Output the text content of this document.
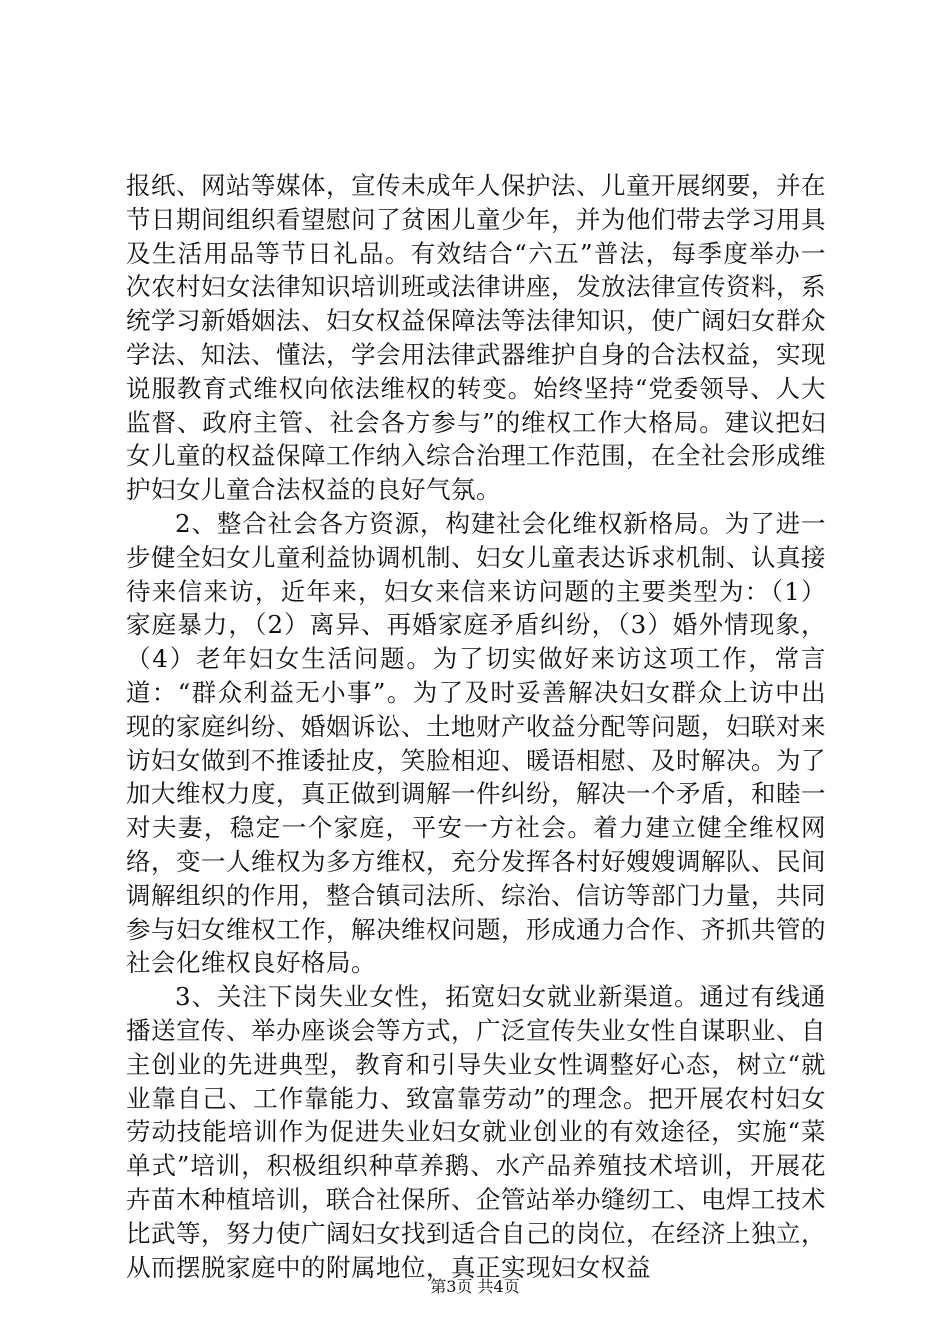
报纸、网站等媒体，宣传未成年人保护法、儿童开展纲要，并在节日期间组织看望慰问了贫困儿童少年，并为他们带去学习用具及生活用品等节日礼品。有效结合“六五”普法，每季度举办一次农村妇女法律知识培训班或法律讲座，发放法律宣传资料，系统学习新婚姻法、妇女权益保障法等法律知识，使广阔妇女群众学法、知法、懂法，学会用法律武器维护自身的合法权益，实现说服教育式维权向依法维权的转变。始终坚持“党委领导、人大监督、政府主管、社会各方参与”的维权工作大格局。建议把妇女儿童的权益保障工作纳入综合治理工作范围，在全社会形成维护妇女儿童合法权益的良好气氛。

2、整合社会各方资源，构建社会化维权新格局。为了进一步健全妇女儿童利益协调机制、妇女儿童表达诉求机制、认真接待来信来访，近年来，妇女来信来访问题的主要类型为：（1）家庭暴力，（2）离异、再婚家庭矛盾纠纷，（3）婚外情现象，（4）老年妇女生活问题。为了切实做好来访这项工作，常言道：“群众利益无小事”。为了及时妥善解决妇女群众上访中出现的家庭纠纷、婚姻诉讼、土地财产收益分配等问题，妇联对来访妇女做到不推诿扯皮，笑脸相迎、暖语相慰、及时解决。为了加大维权力度，真正做到调解一件纠纷，解决一个矛盾，和睦一对夫妻，稳定一个家庭，平安一方社会。着力建立健全维权网络，变一人维权为多方维权，充分发挥各村好嫂嫂调解队、民间调解组织的作用，整合镇司法所、综治、信访等部门力量，共同参与妇女维权工作，解决维权问题，形成通力合作、齐抓共管的社会化维权良好格局。

3、关注下岗失业女性，拓宽妇女就业新渠道。通过有线通播送宣传、举办座谈会等方式，广泛宣传失业女性自谋职业、自主创业的先进典型，教育和引导失业女性调整好心态，树立“就业靠自己、工作靠能力、致富靠劳动”的理念。把开展农村妇女劳动技能培训作为促进失业妇女就业创业的有效途径，实施“菜单式”培训，积极组织种草养鹅、水产品养殖技术培训，开展花卉苗木种植培训，联合社保所、企管站举办缝纫工、电焊工技术比武等，努力使广阔妇女找到适合自己的岗位，在经济上独立，从而摆脱家庭中的附属地位，真正实现妇女权益

第3页 共4页
